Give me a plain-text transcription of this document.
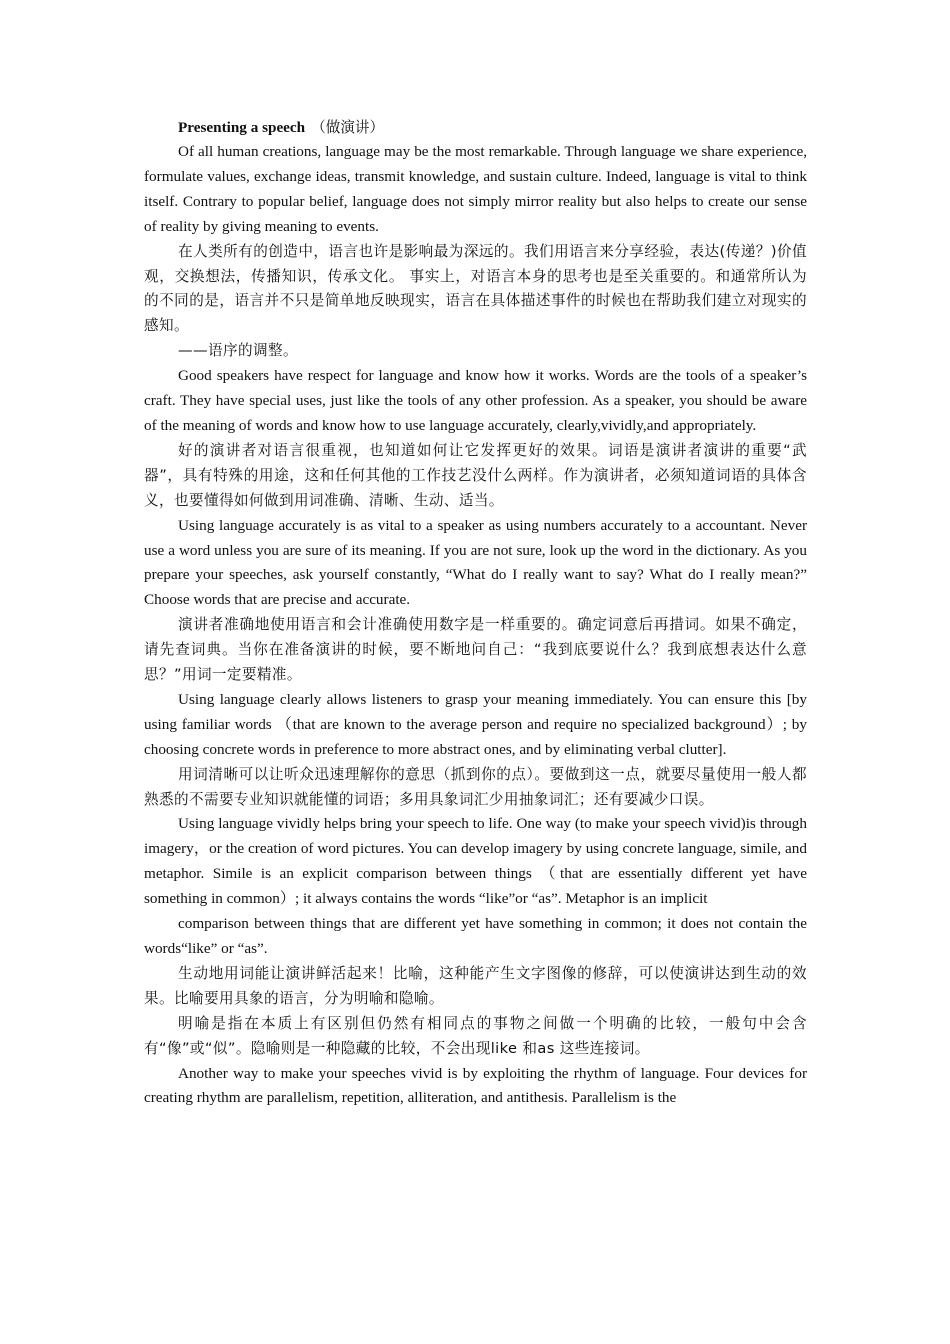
Presenting a speech （做演讲）

Of all human creations, language may be the most remarkable. Through language we share experience, formulate values, exchange ideas, transmit knowledge, and sustain culture. Indeed, language is vital to think itself. Contrary to popular belief, language does not simply mirror reality but also helps to create our sense of reality by giving meaning to events.

在人类所有的创造中，语言也许是影响最为深远的。我们用语言来分享经验，表达(传递？)价值观，交换想法，传播知识，传承文化。 事实上，对语言本身的思考也是至关重要的。和通常所认为的不同的是，语言并不只是简单地反映现实，语言在具体描述事件的时候也在帮助我们建立对现实的感知。

——语序的调整。

Good speakers have respect for language and know how it works. Words are the tools of a speaker’s craft. They have special uses, just like the tools of any other profession. As a speaker, you should be aware of the meaning of words and know how to use language accurately, clearly,vividly,and appropriately.

好的演讲者对语言很重视，也知道如何让它发挥更好的效果。词语是演讲者演讲的重要“武器”，具有特殊的用途，这和任何其他的工作技艺没什么两样。作为演讲者，必须知道词语的具体含义，也要懂得如何做到用词准确、清晰、生动、适当。

Using language accurately is as vital to a speaker as using numbers accurately to a accountant. Never use a word unless you are sure of its meaning. If you are not sure, look up the word in the dictionary. As you prepare your speeches, ask yourself constantly, “What do I really want to say? What do I really mean?” Choose words that are precise and accurate.

演讲者准确地使用语言和会计准确使用数字是一样重要的。确定词意后再措词。如果不确定，请先查词典。当你在准备演讲的时候，要不断地问自己：“我到底要说什么？我到底想表达什么意思？”用词一定要精准。

Using language clearly allows listeners to grasp your meaning immediately. You can ensure this [by using familiar words （that are known to the average person and require no specialized background）; by choosing concrete words in preference to more abstract ones, and by eliminating verbal clutter].

用词清晰可以让听众迅速理解你的意思（抓到你的点）。要做到这一点，就要尽量使用一般人都熟悉的不需要专业知识就能懂的词语；多用具象词汇少用抽象词汇；还有要减少口误。

Using language vividly helps bring your speech to life. One way (to make your speech vivid)is through imagery，or the creation of word pictures. You can develop imagery by using concrete language, simile, and metaphor. Simile is an explicit comparison between things （that are essentially different yet have something in common）; it always contains the words “like”or “as”. Metaphor is an implicit

comparison between things that are different yet have something in common; it does not contain the words“like” or “as”.

生动地用词能让演讲鲜活起来！比喻，这种能产生文字图像的修辞，可以使演讲达到生动的效果。比喻要用具象的语言，分为明喻和隐喻。

明喻是指在本质上有区别但仍然有相同点的事物之间做一个明确的比较，一般句中会含有“像”或“似”。隐喻则是一种隐藏的比较，不会出现like 和as 这些连接词。

Another way to make your speeches vivid is by exploiting the rhythm of language. Four devices for creating rhythm are parallelism, repetition, alliteration, and antithesis. Parallelism is the
